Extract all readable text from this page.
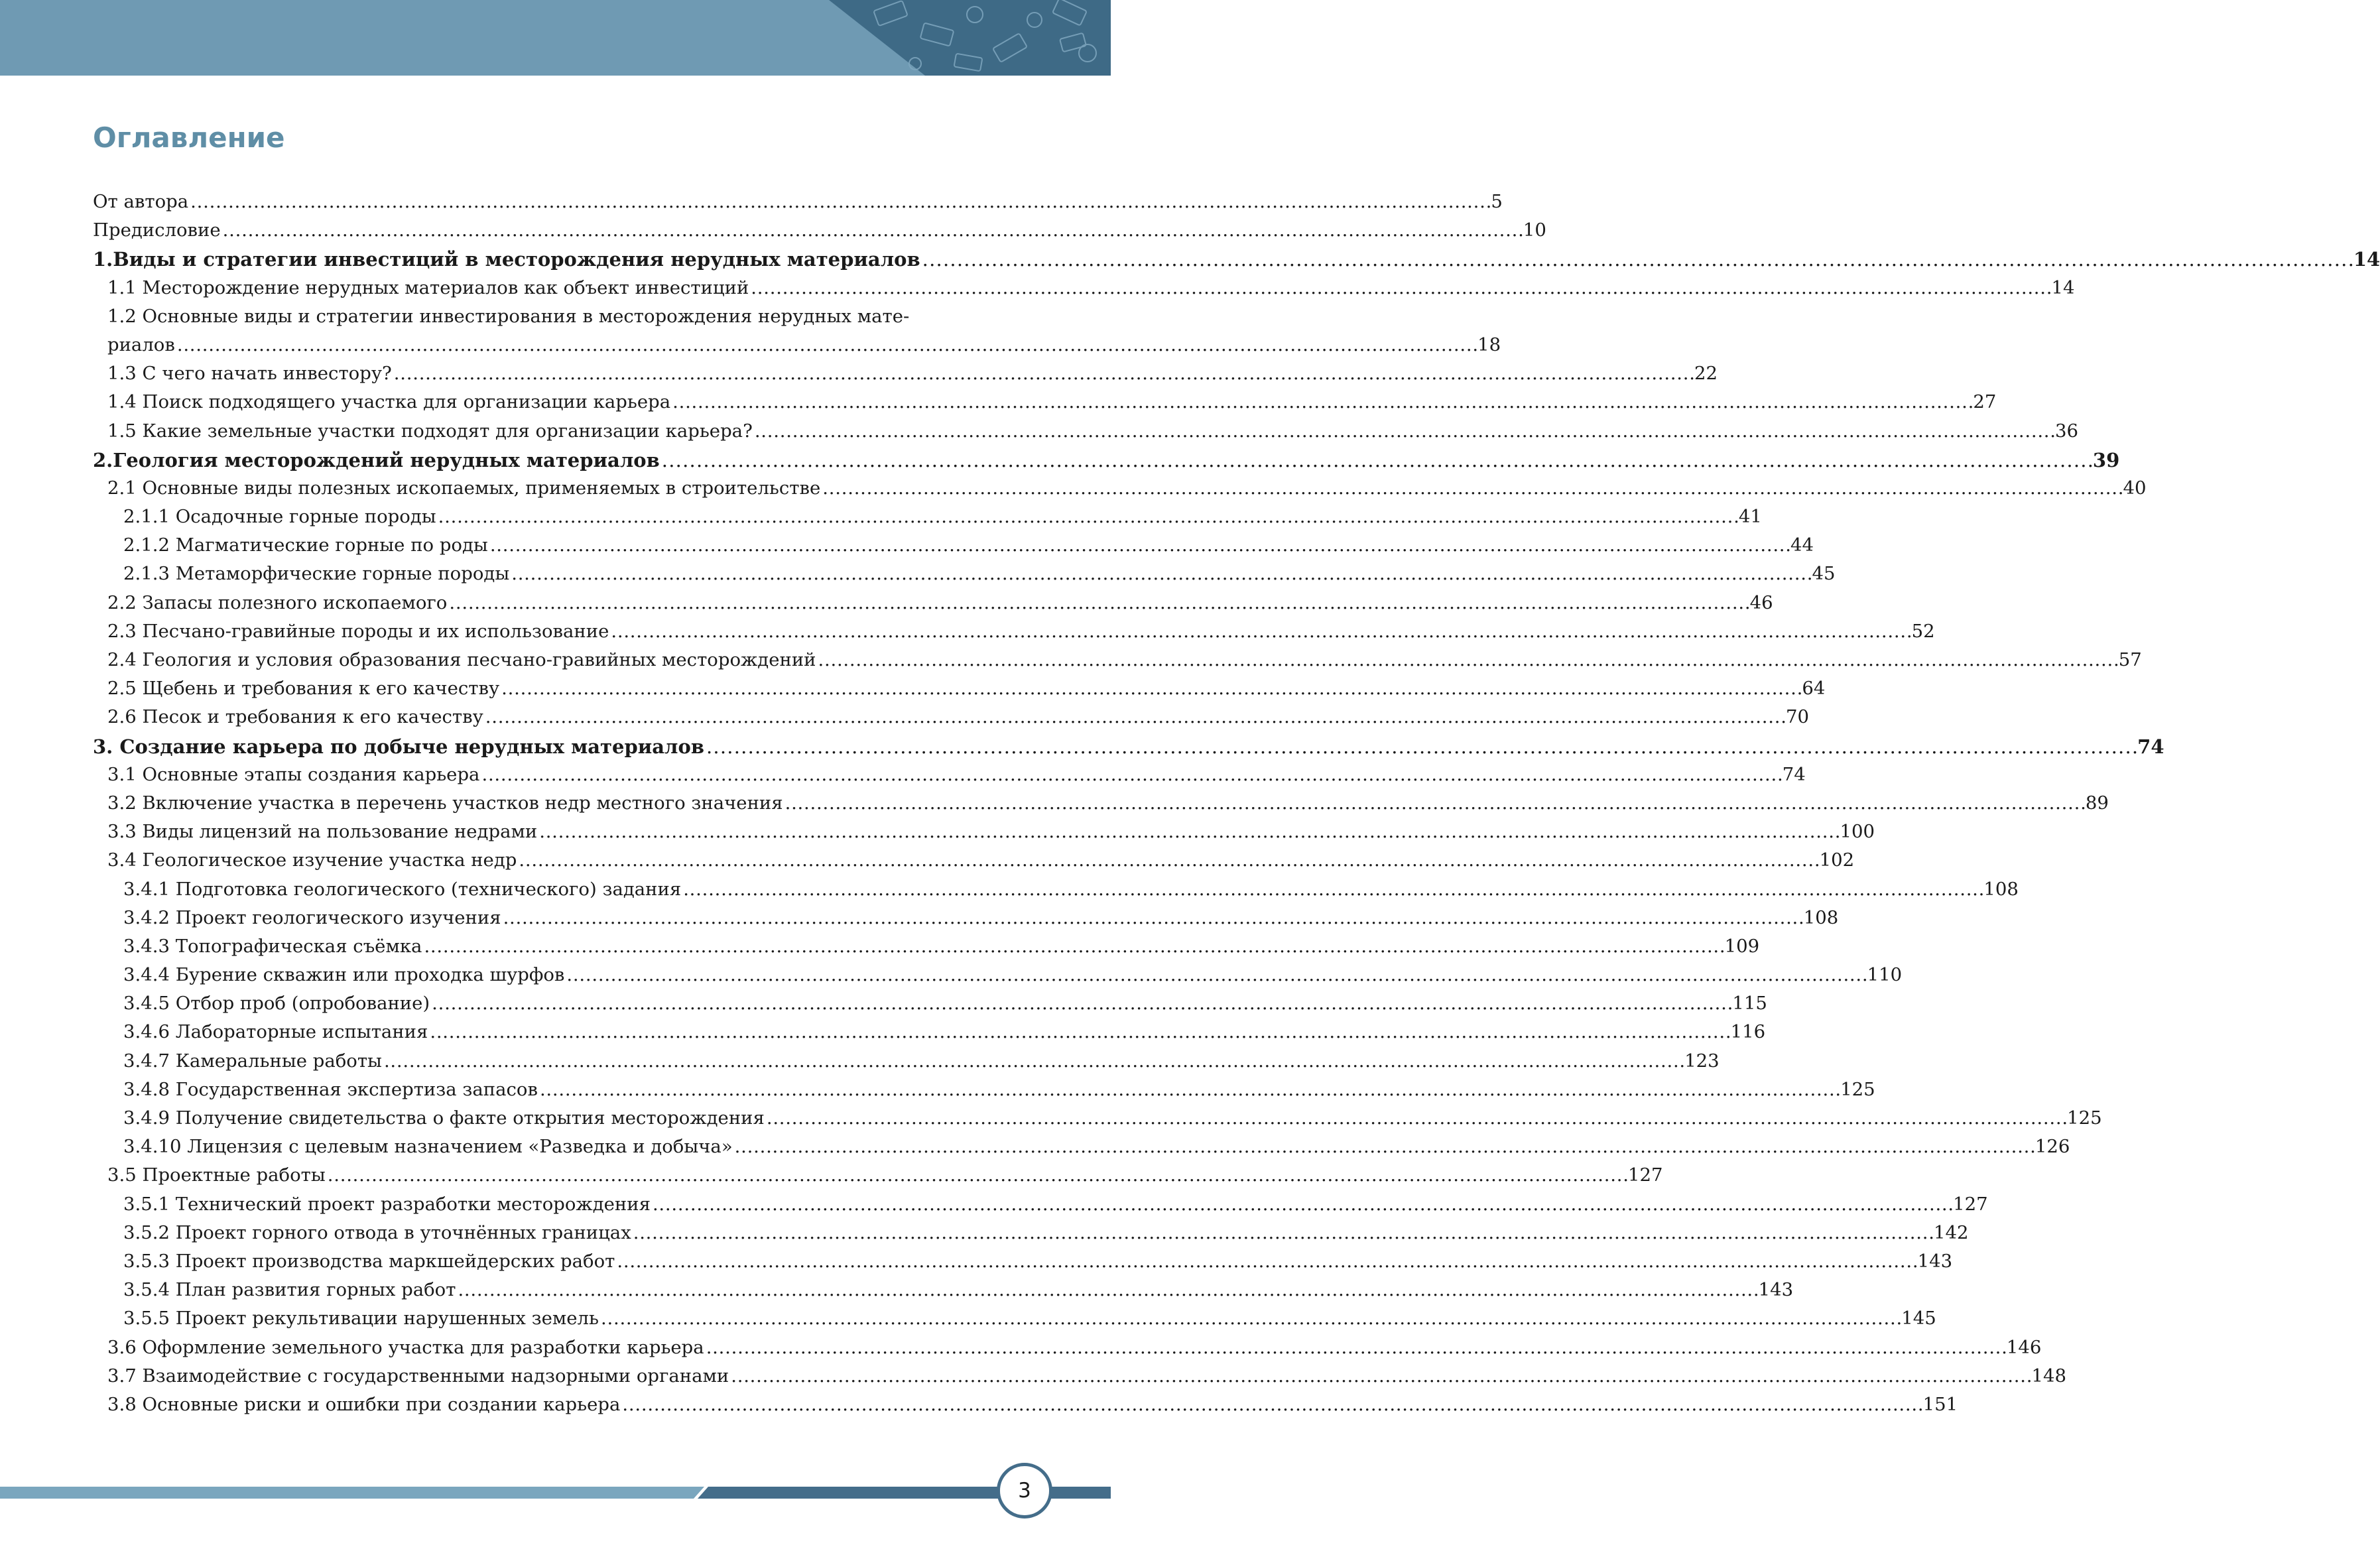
Оглавление
От автора . . .	5
Предисловие . . .	10
1.Виды и стратегии инвестиций в месторождения нерудных материалов . . .	14
1.1 Месторождение нерудных материалов как объект инвестиций . . .	14
1.2 Основные виды и стратегии инвестирования в месторождения нерудных мате-
риалов . . .	18
1.3 С чего начать инвестору? . . .	22
1.4 Поиск подходящего участка для организации карьера . . .	27
1.5 Какие земельные участки подходят для организации карьера? . . .	36
2.Геология месторождений нерудных материалов . . .	39
2.1 Основные виды полезных ископаемых, применяемых в строительстве . . .	40
2.1.1 Осадочные горные породы . . .	41
2.1.2 Магматические горные по роды . . .	44
2.1.3 Метаморфические горные породы . . .	45
2.2 Запасы полезного ископаемого . . .	46
2.3 Песчано-гравийные породы и их использование . . .	52
2.4 Геология и условия образования песчано-гравийных месторождений . . .	57
2.5 Щебень и требования к его качеству . . .	64
2.6 Песок и требования к его качеству . . .	70
3. Создание карьера по добыче нерудных материалов . . .	74
3.1 Основные этапы создания карьера . . .	74
3.2 Включение участка в перечень участков недр местного значения . . .	89
3.3 Виды лицензий на пользование недрами . . .	100
3.4 Геологическое изучение участка недр . . .	102
3.4.1 Подготовка геологического (технического) задания . . .	108
3.4.2 Проект геологического изучения . . .	108
3.4.3 Топографическая съёмка . . .	109
3.4.4 Бурение скважин или проходка шурфов . . .	110
3.4.5 Отбор проб (опробование) . . .	115
3.4.6 Лабораторные испытания . . .	116
3.4.7 Камеральные работы . . .	123
3.4.8 Государственная экспертиза запасов . . .	125
3.4.9 Получение свидетельства о факте открытия месторождения . . .	125
3.4.10 Лицензия с целевым назначением «Разведка и добыча» . . .	126
3.5 Проектные работы . . .	127
3.5.1 Технический проект разработки месторождения . . .	127
3.5.2 Проект горного отвода в уточнённых границах . . .	142
3.5.3 Проект производства маркшейдерских работ . . .	143
3.5.4 План развития горных работ . . .	143
3.5.5 Проект рекультивации нарушенных земель . . .	145
3.6 Оформление земельного участка для разработки карьера . . .	146
3.7 Взаимодействие с государственными надзорными органами . . .	148
3.8 Основные риски и ошибки при создании карьера . . .	151
3
